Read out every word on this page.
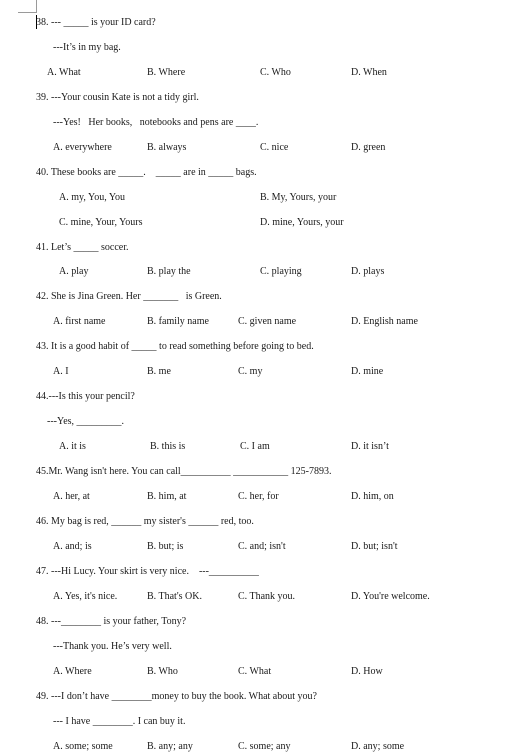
38. --- _____ is your ID card?
---It’s in my bag.
A. What	B. Where	C. Who	D. When
39. ---Your cousin Kate is not a tidy girl.
---Yes!   Her books,   notebooks and pens are ____.
A. everywhere	B. always	C. nice	D. green
40. These books are _____.    _____ are in _____ bags.
A. my, You, You	B. My, Yours, your
C. mine, Your, Yours	D. mine, Yours, your
41. Let’s _____ soccer.
A. play	B. play the	C. playing	D. plays
42. She is Jina Green. Her _______   is Green.
A. first name	B. family name	C. given name	D. English name
43. It is a good habit of _____ to read something before going to bed.
A. I	B. me	C. my	D. mine
44.---Is this your pencil?
---Yes, _________.
A. it is	B. this is	C. I am	D. it isn’t
45.Mr. Wang isn't here. You can call__________ ___________ 125-7893.
A. her, at	B. him, at	C. her, for	D. him, on
46. My bag is red, ______ my sister's ______ red, too.
A. and; is	B. but; is	C. and; isn't	D. but; isn't
47. ---Hi Lucy. Your skirt is very nice.    ---__________
A. Yes, it's nice.	B. That's OK.	C. Thank you.	D. You're welcome.
48. ---________ is your father, Tony?
---Thank you. He’s very well.
A. Where	B. Who	C. What	D. How
49. ---I don’t have ________money to buy the book. What about you?
--- I have ________. I can buy it.
A. some; some	B. any; any	C. some; any	D. any; some
